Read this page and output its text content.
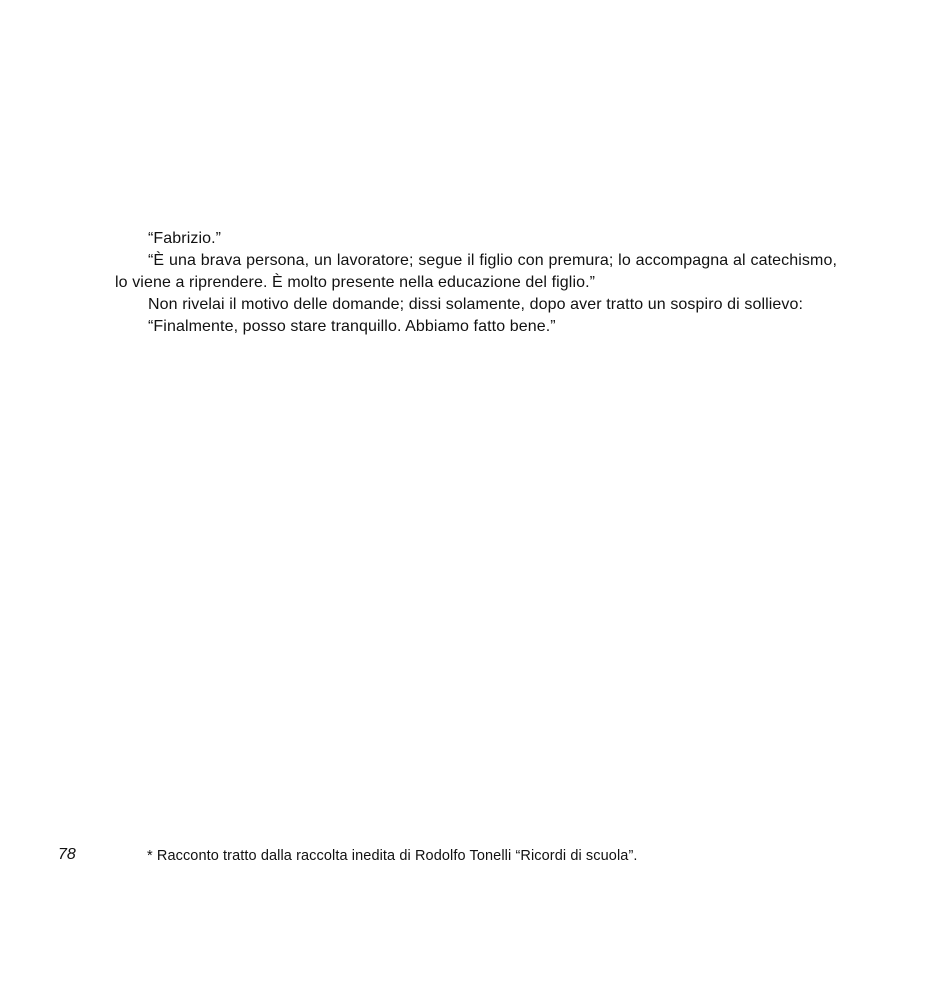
“Fabrizio.”

“È una brava persona, un lavoratore; segue il figlio con premura; lo accompagna al catechismo, lo viene a riprendere. È molto presente nella educazione del figlio.”

Non rivelai il motivo delle domande; dissi solamente, dopo aver tratto un sospiro di sollievo:

“Finalmente, posso stare tranquillo. Abbiamo fatto bene.”

78	* Racconto tratto dalla raccolta inedita di Rodolfo Tonelli “Ricordi di scuola”.
